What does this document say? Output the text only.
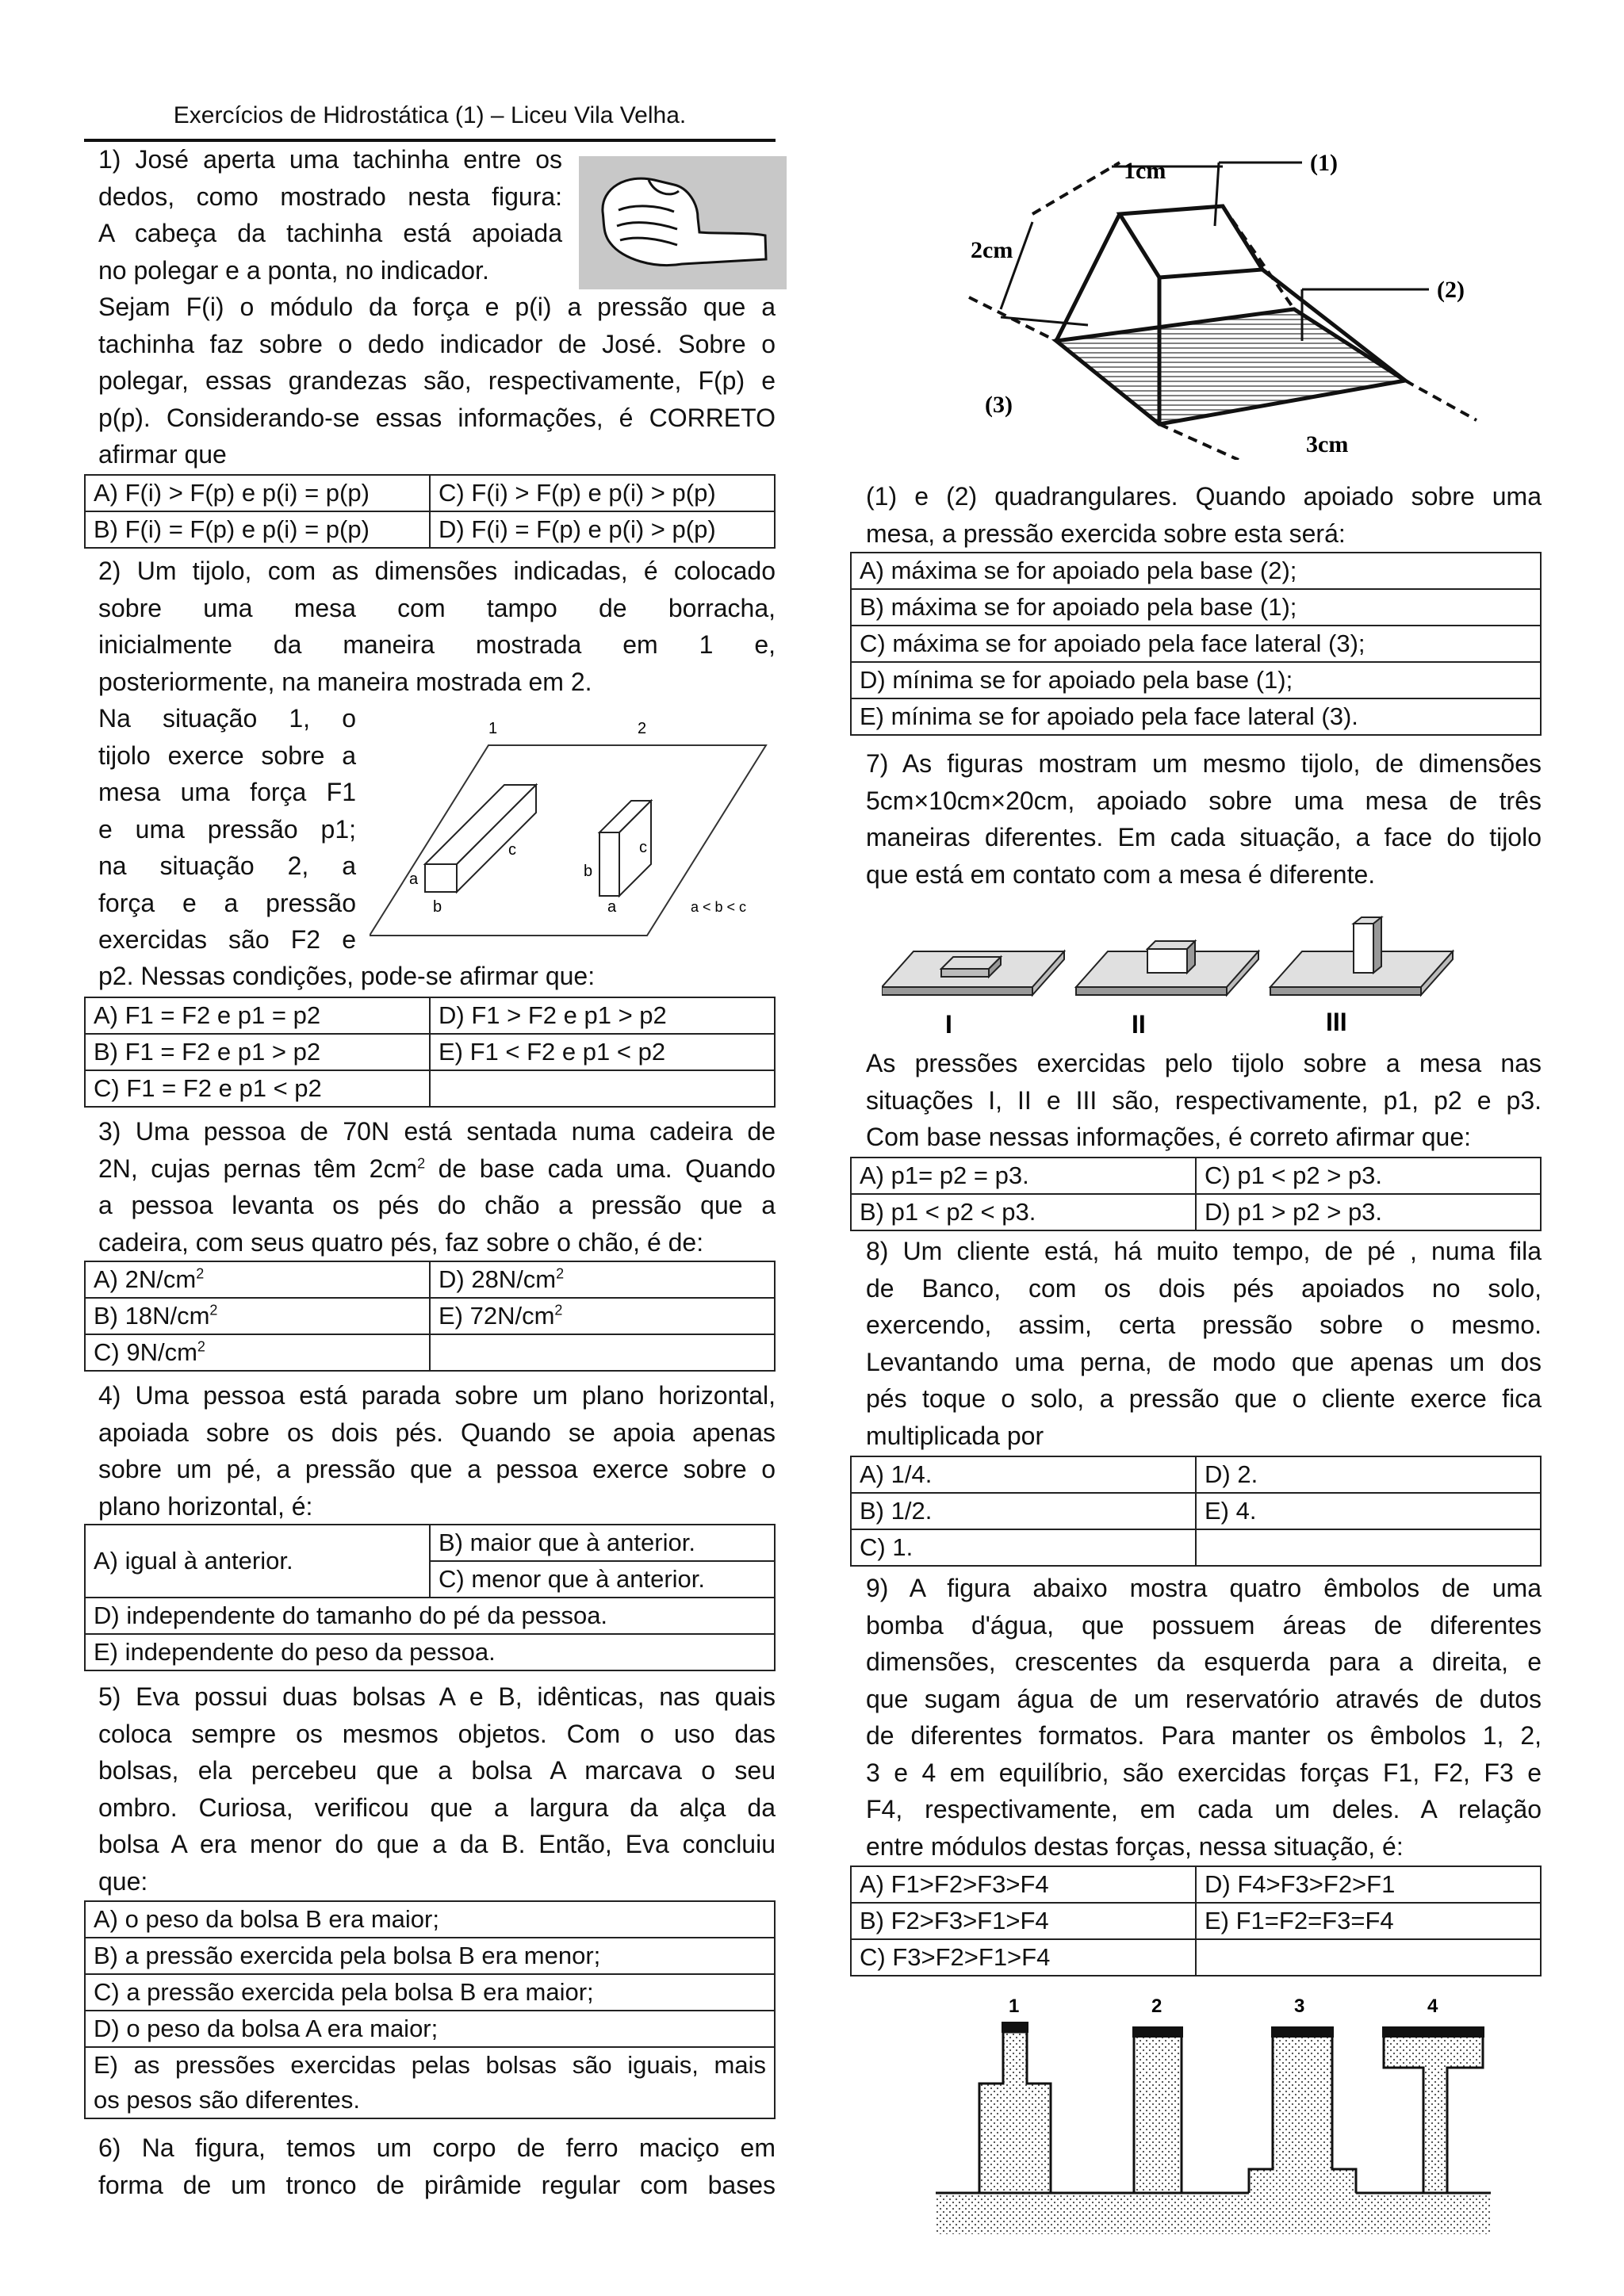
Exercícios de Hidrostática (1) – Liceu Vila Velha.
1) José aperta uma tachinha entre os
dedos, como mostrado nesta figura:
A cabeça da tachinha está apoiada
no polegar e a ponta, no indicador.
Sejam F(i) o módulo da força e p(i) a pressão que a
tachinha faz sobre o dedo indicador de José. Sobre o
polegar, essas grandezas são, respectivamente, F(p) e
p(p). Considerando-se essas informações, é CORRETO
afirmar que
A) F(i) > F(p) e p(i) = p(p)	C) F(i) > F(p) e p(i) > p(p)
B) F(i) = F(p) e p(i) = p(p)	D) F(i) = F(p) e p(i) > p(p)
2) Um tijolo, com as dimensões indicadas, é colocado
sobre uma mesa com tampo de borracha,
inicialmente da maneira mostrada em 1 e,
posteriormente, na maneira mostrada em 2.
Na situação 1, o
tijolo exerce sobre a
mesa uma força F1
e uma pressão p1;
na situação 2, a
força e a pressão
exercidas são F2 e
1	2
a
b
c
b
a
c
a < b < c
p2. Nessas condições, pode-se afirmar que:
A) F1 = F2 e p1 = p2	D) F1 > F2 e p1 > p2
B) F1 = F2 e p1 > p2	E) F1 < F2 e p1 < p2
C) F1 = F2 e p1 < p2	
3) Uma pessoa de 70N está sentada numa cadeira de
2N, cujas pernas têm $2cm^2$ de base cada uma. Quando
a pessoa levanta os pés do chão a pressão que a
cadeira, com seus quatro pés, faz sobre o chão, é de:
A) $2N/cm^2$	D) $28N/cm^2$
B) $18N/cm^2$	E) $72N/cm^2$
C) $9N/cm^2$	
4) Uma pessoa está parada sobre um plano horizontal,
apoiada sobre os dois pés. Quando se apoia apenas
sobre um pé, a pressão que a pessoa exerce sobre o
plano horizontal, é:
A) igual à anterior.	B) maior que à anterior.
C) menor que à anterior.
D) independente do tamanho do pé da pessoa.
E) independente do peso da pessoa.
5) Eva possui duas bolsas A e B, idênticas, nas quais
coloca sempre os mesmos objetos. Com o uso das
bolsas, ela percebeu que a bolsa A marcava o seu
ombro. Curiosa, verificou que a largura da alça da
bolsa A era menor do que a da B. Então, Eva concluiu
que:
A) o peso da bolsa B era maior;
B) a pressão exercida pela bolsa B era menor;
C) a pressão exercida pela bolsa B era maior;
D) o peso da bolsa A era maior;

E) as pressões exercidas pelas bolsas são iguais, mais
os pesos são diferentes.
6) Na figura, temos um corpo de ferro maciço em
forma de um tronco de pirâmide regular com bases
1cm
2cm
3cm
(1)
(2)
(3)
(1) e (2) quadrangulares. Quando apoiado sobre uma
mesa, a pressão exercida sobre esta será:
A) máxima se for apoiado pela base (2);
B) máxima se for apoiado pela base (1);
C) máxima se for apoiado pela face lateral (3);
D) mínima se for apoiado pela base (1);
E) mínima se for apoiado pela face lateral (3).
7) As figuras mostram um mesmo tijolo, de dimensões
5cm×10cm×20cm, apoiado sobre uma mesa de três
maneiras diferentes. Em cada situação, a face do tijolo
que está em contato com a mesa é diferente.
I	II	III
As pressões exercidas pelo tijolo sobre a mesa nas
situações I, II e III são, respectivamente, p1, p2 e p3.
Com base nessas informações, é correto afirmar que:
A) p1= p2 = p3.	C) p1 < p2 > p3.
B) p1 < p2 < p3.	D) p1 > p2 > p3.
8) Um cliente está, há muito tempo, de pé , numa fila
de Banco, com os dois pés apoiados no solo,
exercendo, assim, certa pressão sobre o mesmo.
Levantando uma perna, de modo que apenas um dos
pés toque o solo, a pressão que o cliente exerce fica
multiplicada por
A) 1/4.	D) 2.
B) 1/2.	E) 4.
C) 1.	
9) A figura abaixo mostra quatro êmbolos de uma
bomba d'água, que possuem áreas de diferentes
dimensões, crescentes da esquerda para a direita, e
que sugam água de um reservatório através de dutos
de diferentes formatos. Para manter os êmbolos 1, 2,
3 e 4 em equilíbrio, são exercidas forças F1, F2, F3 e
F4, respectivamente, em cada um deles. A relação
entre módulos destas forças, nessa situação, é:
A) F1>F2>F3>F4	D) F4>F3>F2>F1
B) F2>F3>F1>F4	E) F1=F2=F3=F4
C) F3>F2>F1>F4	
1	2	3	4
